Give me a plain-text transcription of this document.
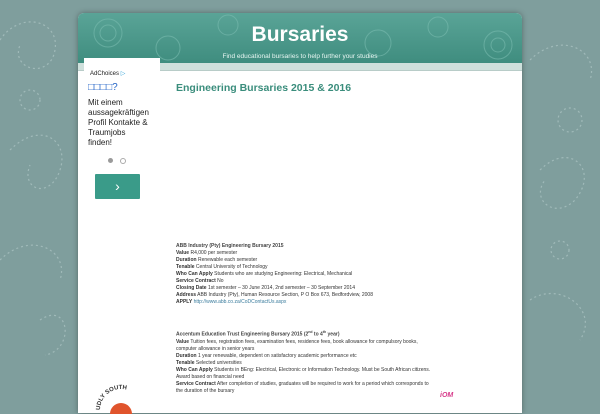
Bursaries
Find educational bursaries to help further your studies
AdChoices ▷
□□□□?
Mit einem aussagekräftigen Profil Kontakte & Traumjobs finden!
›
Engineering Bursaries 2015 & 2016
ABB Industry (Pty) Engineering Bursary 2015
Value R4,000 per semester
Duration Renewable each semester
Tenable Central University of Technology
Who Can Apply Students who are studying Engineering: Electrical, Mechanical
Service Contract No
Closing Date 1st semester – 30 June 2014, 2nd semester – 30 September 2014
Address ABB Industry (Pty), Human Resource Section, P O Box 673, Bedfordview, 2008
APPLY http://www.abb.co.za/CoDContactUs.aspx
Accentum Education Trust Engineering Bursary 2015 (2nd to 4th year)
Value Tuition fees, registration fees, examination fees, residence fees, book allowance for compulsory books, computer allowance in senior years
Duration 1 year renewable, dependent on satisfactory academic performance etc
Tenable Selected universities
Who Can Apply Students in BEng: Electrical, Electronic or Information Technology. Must be South African citizens. Award based on financial need
Service Contract After completion of studies, graduates will be required to work for a period which corresponds to the duration of the bursary
UDLY SOUTH
iOM
